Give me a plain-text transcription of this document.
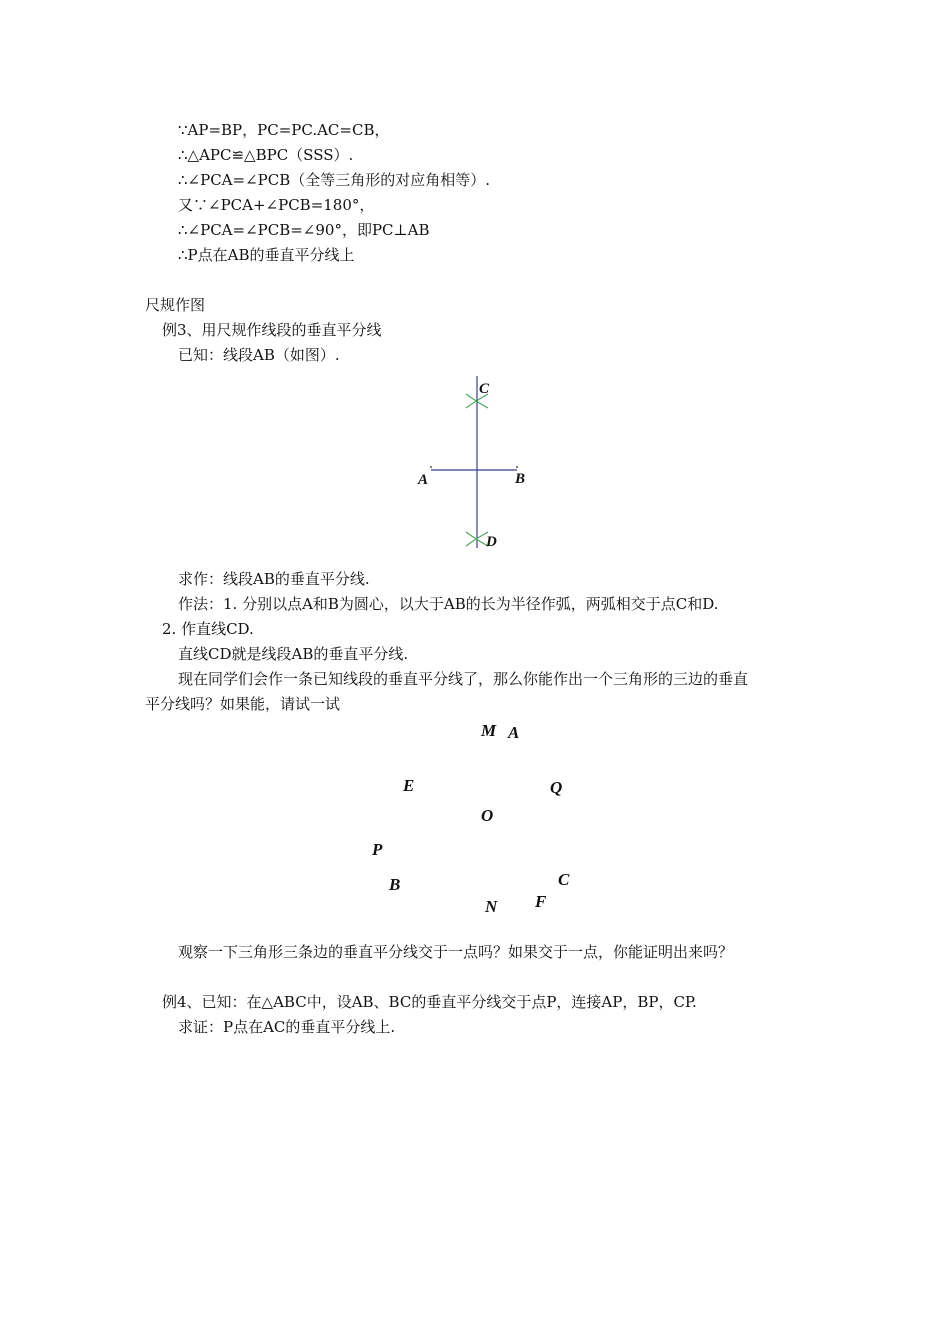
∵AP=BP，PC=PC.AC=CB，
∴△APC≌△BPC（SSS）.
∴∠PCA=∠PCB（全等三角形的对应角相等）.
又∵∠PCA+∠PCB=180°，
∴∠PCA=∠PCB=∠90°，即PC⊥AB
∴P点在AB的垂直平分线上
尺规作图
例3、用尺规作线段的垂直平分线
已知：线段AB（如图）.
C
A	B
D
求作：线段AB的垂直平分线.
作法：1. 分别以点A和B为圆心，以大于AB的长为半径作弧，两弧相交于点C和D.
2. 作直线CD.
直线CD就是线段AB的垂直平分线.
现在同学们会作一条已知线段的垂直平分线了，那么你能作出一个三角形的三边的垂直
平分线吗？如果能，请试一试
M A
E	Q
O
P
C
B
F
N
观察一下三角形三条边的垂直平分线交于一点吗？如果交于一点，你能证明出来吗？
例4、已知：在△ABC中，设AB、BC的垂直平分线交于点P，连接AP，BP，CP.
求证：P点在AC的垂直平分线上.
